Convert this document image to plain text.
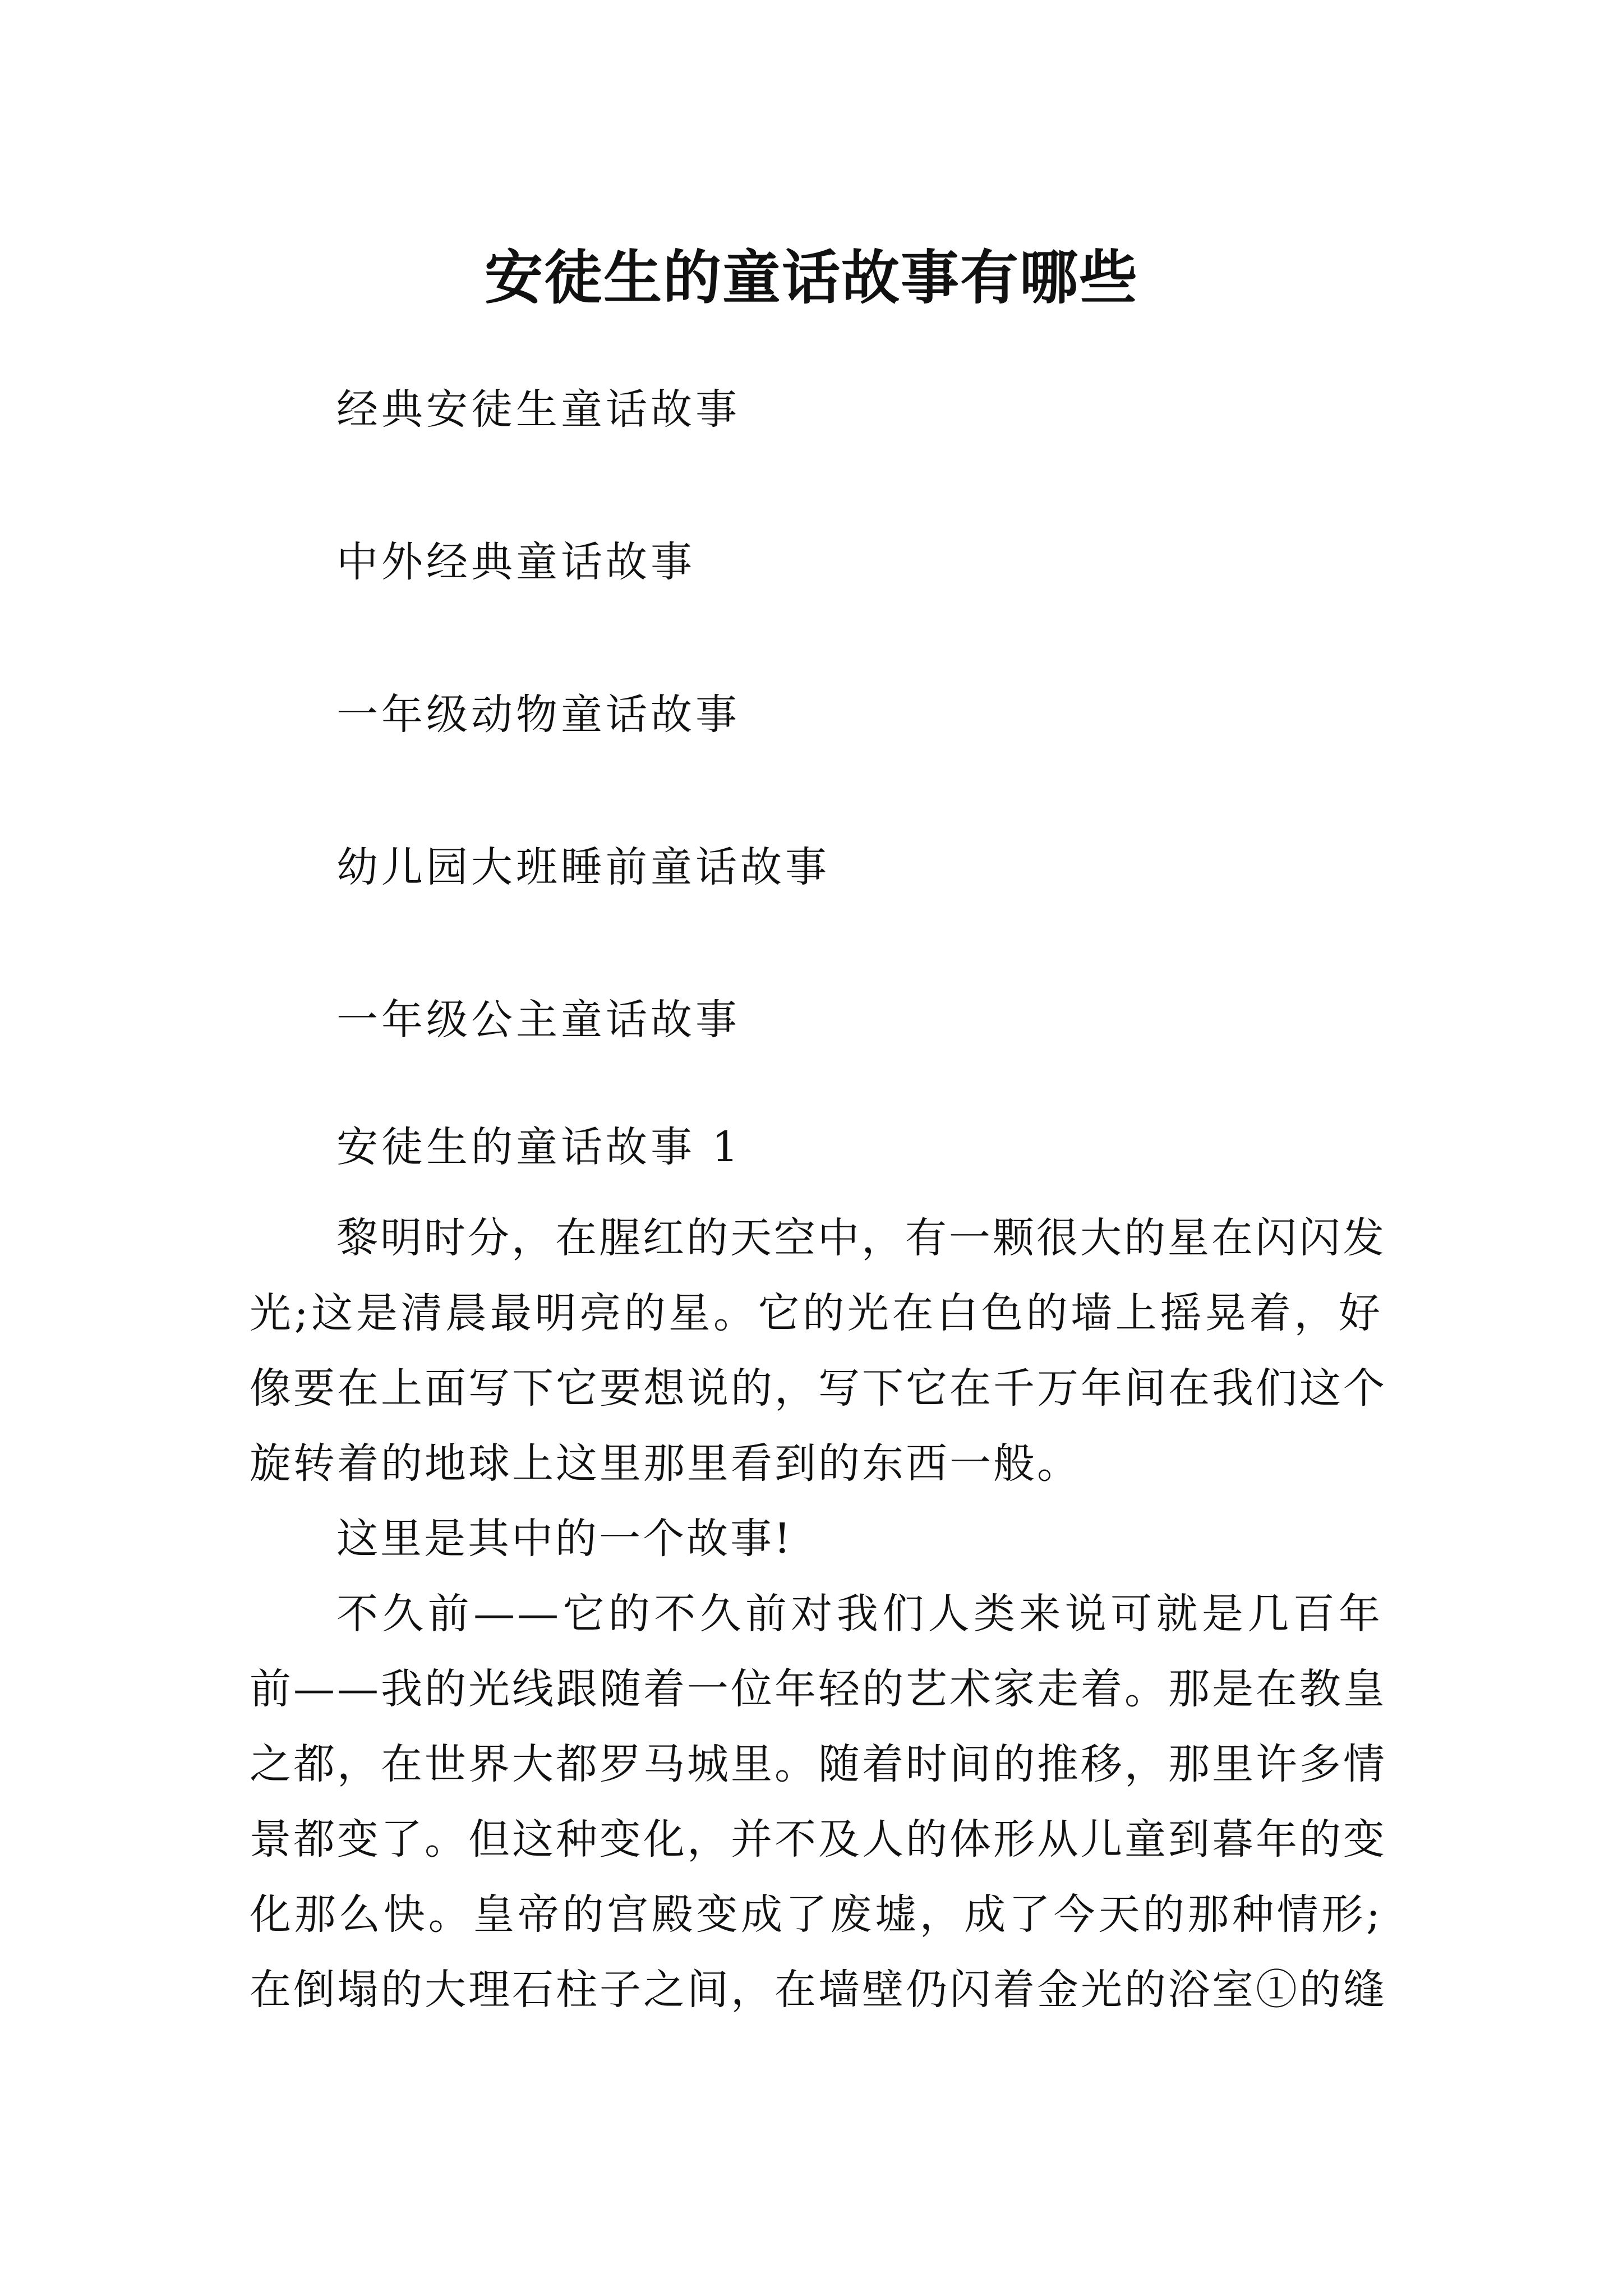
安徒生的童话故事有哪些
经典安徒生童话故事
中外经典童话故事
一年级动物童话故事
幼儿园大班睡前童话故事
一年级公主童话故事
安徒生的童话故事 1
黎明时分，在腥红的天空中，有一颗很大的星在闪闪发
光;这是清晨最明亮的星。它的光在白色的墙上摇晃着，好
像要在上面写下它要想说的，写下它在千万年间在我们这个
旋转着的地球上这里那里看到的东西一般。
这里是其中的一个故事!
不久前——它的不久前对我们人类来说可就是几百年
前——我的光线跟随着一位年轻的艺术家走着。那是在教皇
之都，在世界大都罗马城里。随着时间的推移，那里许多情
景都变了。但这种变化，并不及人的体形从儿童到暮年的变
化那么快。皇帝的宫殿变成了废墟，成了今天的那种情形;
在倒塌的大理石柱子之间，在墙壁仍闪着金光的浴室①的缝
